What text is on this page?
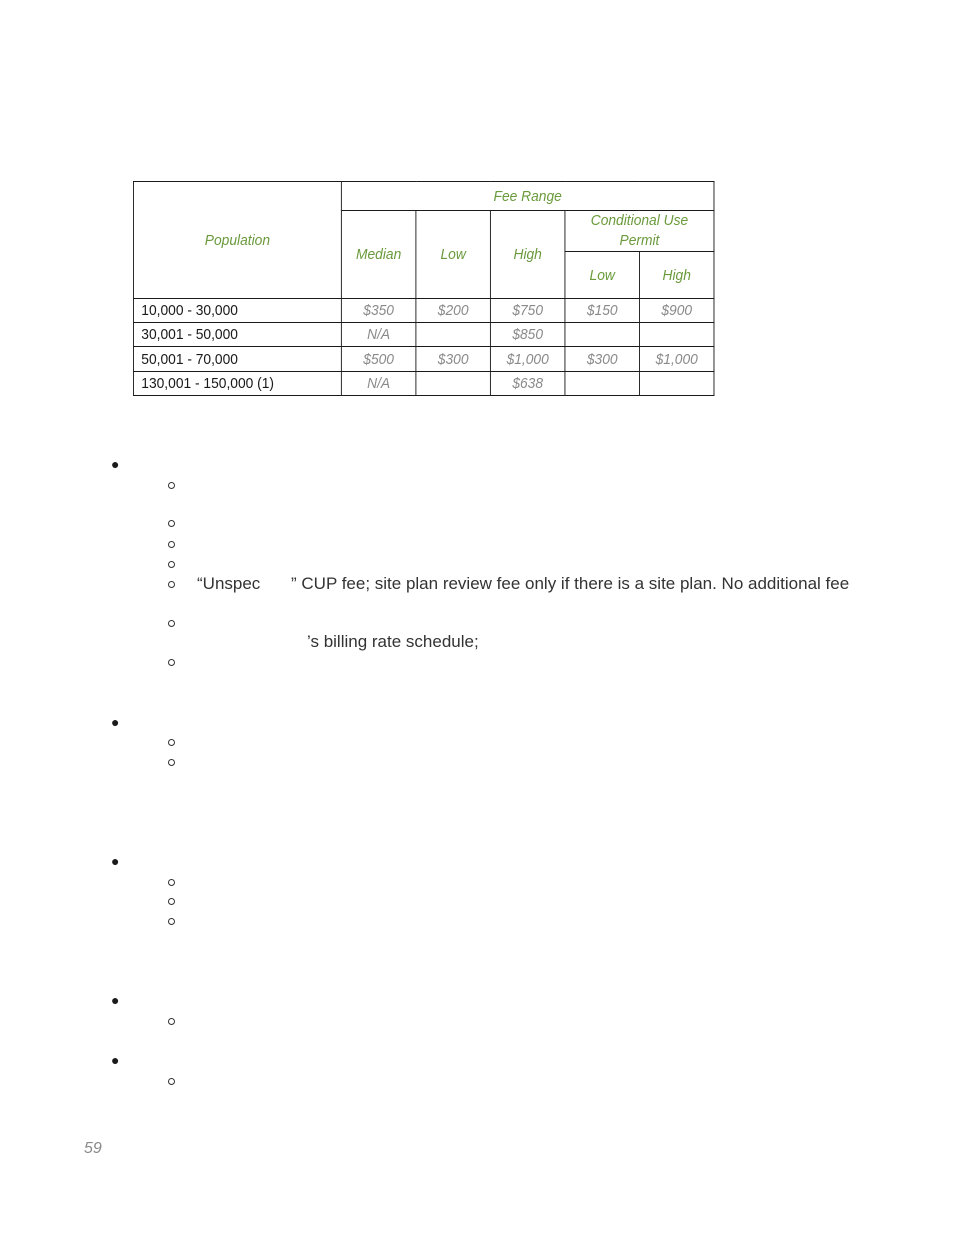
Population	Fee Range				
	Median	Low	High	Conditional Use Permit	
				Low	High
10,000 - 30,000	$350	$200	$750	$150	$900
30,001 - 50,000	N/A		$850		
50,001 - 70,000	$500	$300	$1,000	$300	$1,000
130,001 - 150,000 (1)	N/A		$638		
●
“Unspec ” CUP fee; site plan review fee only if there is a site plan. No additional fee
’s billing rate schedule;
●
●
●
●
59
